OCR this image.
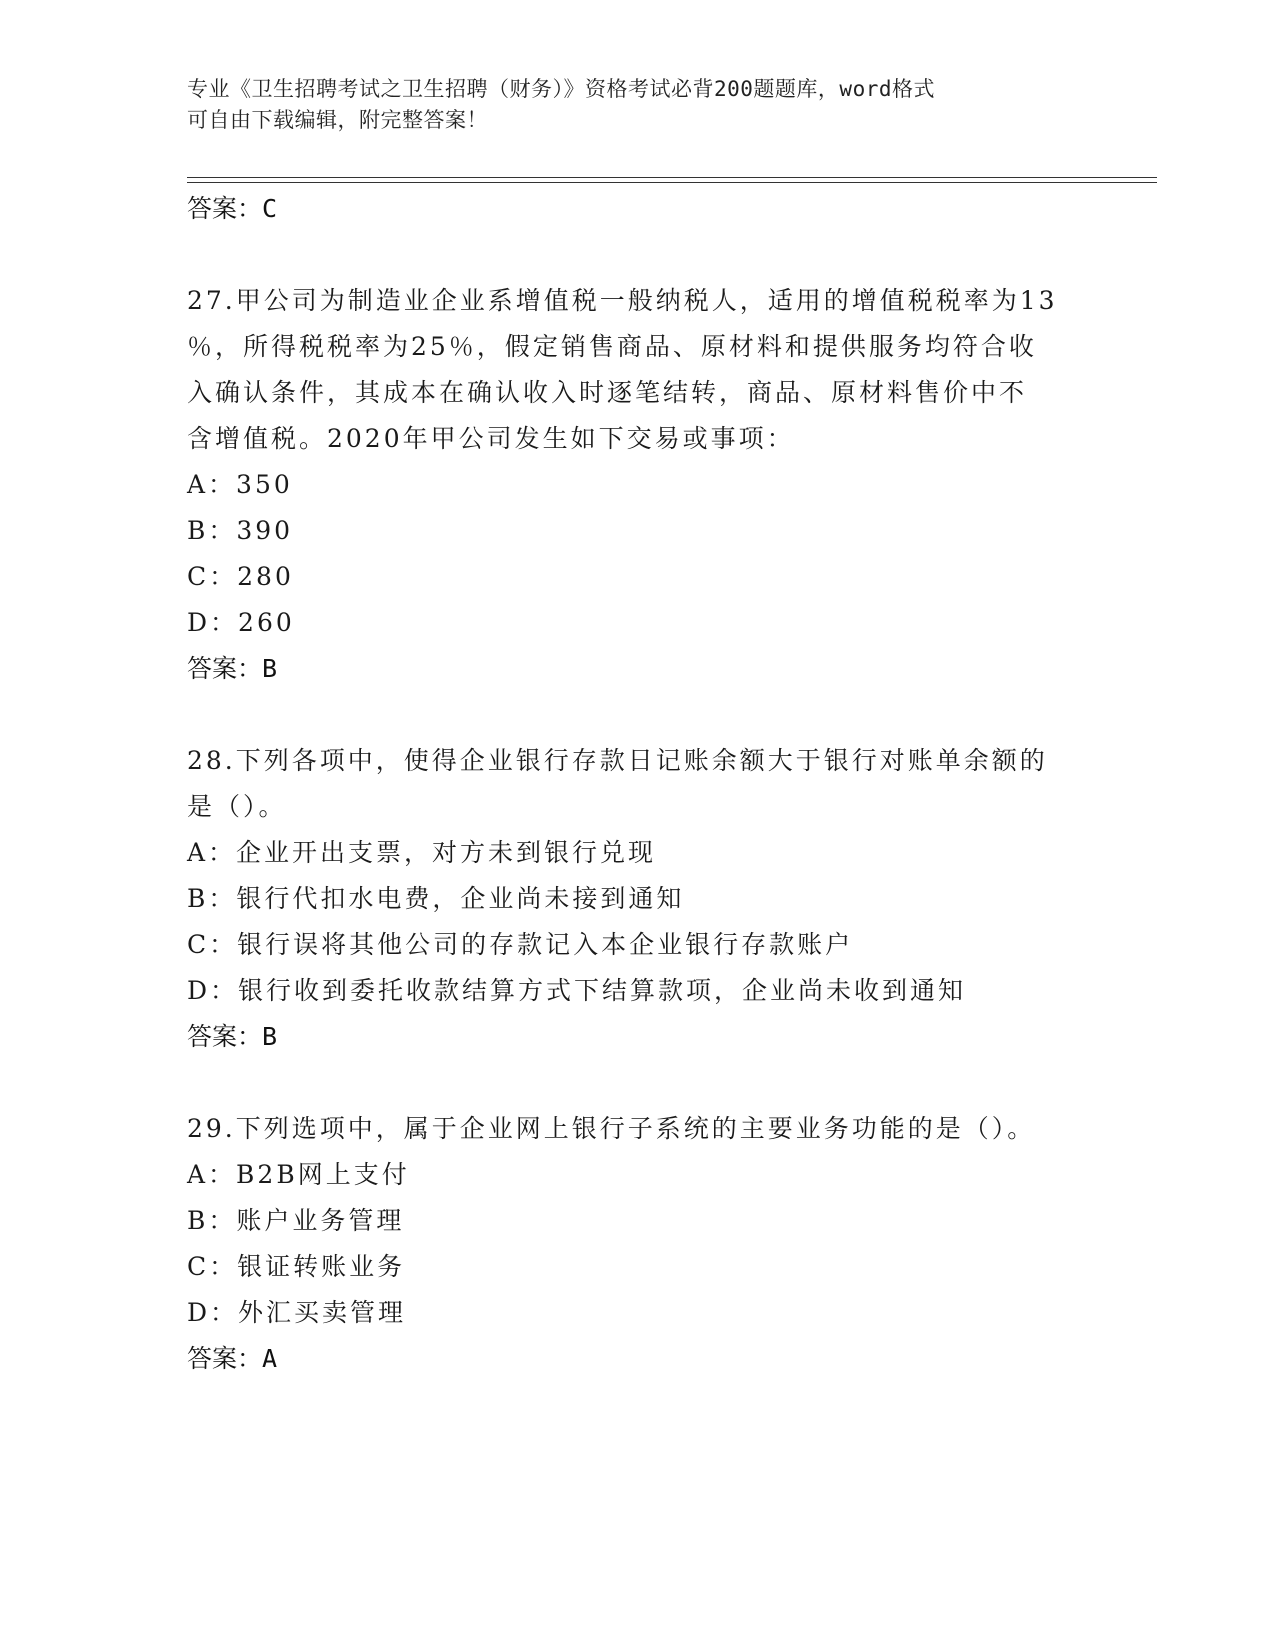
专业《卫生招聘考试之卫生招聘（财务）》资格考试必背200题题库，word格式
可自由下载编辑，附完整答案！
答案：C
27.甲公司为制造业企业系增值税一般纳税人，适用的增值税税率为13
％，所得税税率为25％，假定销售商品、原材料和提供服务均符合收
入确认条件，其成本在确认收入时逐笔结转，商品、原材料售价中不
含增值税。2020年甲公司发生如下交易或事项：
A：350
B：390
C：280
D：260
答案：B
28.下列各项中，使得企业银行存款日记账余额大于银行对账单余额的
是（）。
A：企业开出支票，对方未到银行兑现
B：银行代扣水电费，企业尚未接到通知
C：银行误将其他公司的存款记入本企业银行存款账户
D：银行收到委托收款结算方式下结算款项，企业尚未收到通知
答案：B
29.下列选项中，属于企业网上银行子系统的主要业务功能的是（）。
A：B2B网上支付
B：账户业务管理
C：银证转账业务
D：外汇买卖管理
答案：A
